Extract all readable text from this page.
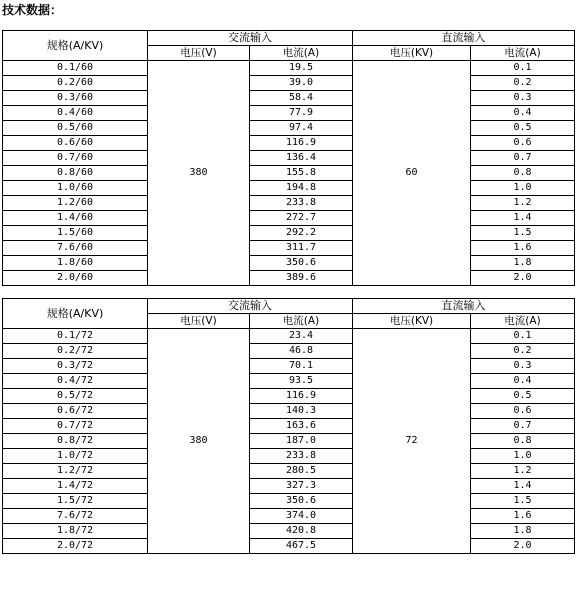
技术数据：
规格(A/KV)	交流输入		直流输入	
	电压(V)	电流(A)	电压(KV)	电流(A)
0.1/60	380	19.5	60	0.1
0.2/60		39.0		0.2
0.3/60		58.4		0.3
0.4/60		77.9		0.4
0.5/60		97.4		0.5
0.6/60		116.9		0.6
0.7/60		136.4		0.7
0.8/60		155.8		0.8
1.0/60		194.8		1.0
1.2/60		233.8		1.2
1.4/60		272.7		1.4
1.5/60		292.2		1.5
7.6/60		311.7		1.6
1.8/60		350.6		1.8
2.0/60		389.6		2.0
规格(A/KV)	交流输入		直流输入	
	电压(V)	电流(A)	电压(KV)	电流(A)
0.1/72	380	23.4	72	0.1
0.2/72		46.8		0.2
0.3/72		70.1		0.3
0.4/72		93.5		0.4
0.5/72		116.9		0.5
0.6/72		140.3		0.6
0.7/72		163.6		0.7
0.8/72		187.0		0.8
1.0/72		233.8		1.0
1.2/72		280.5		1.2
1.4/72		327.3		1.4
1.5/72		350.6		1.5
7.6/72		374.0		1.6
1.8/72		420.8		1.8
2.0/72		467.5		2.0
